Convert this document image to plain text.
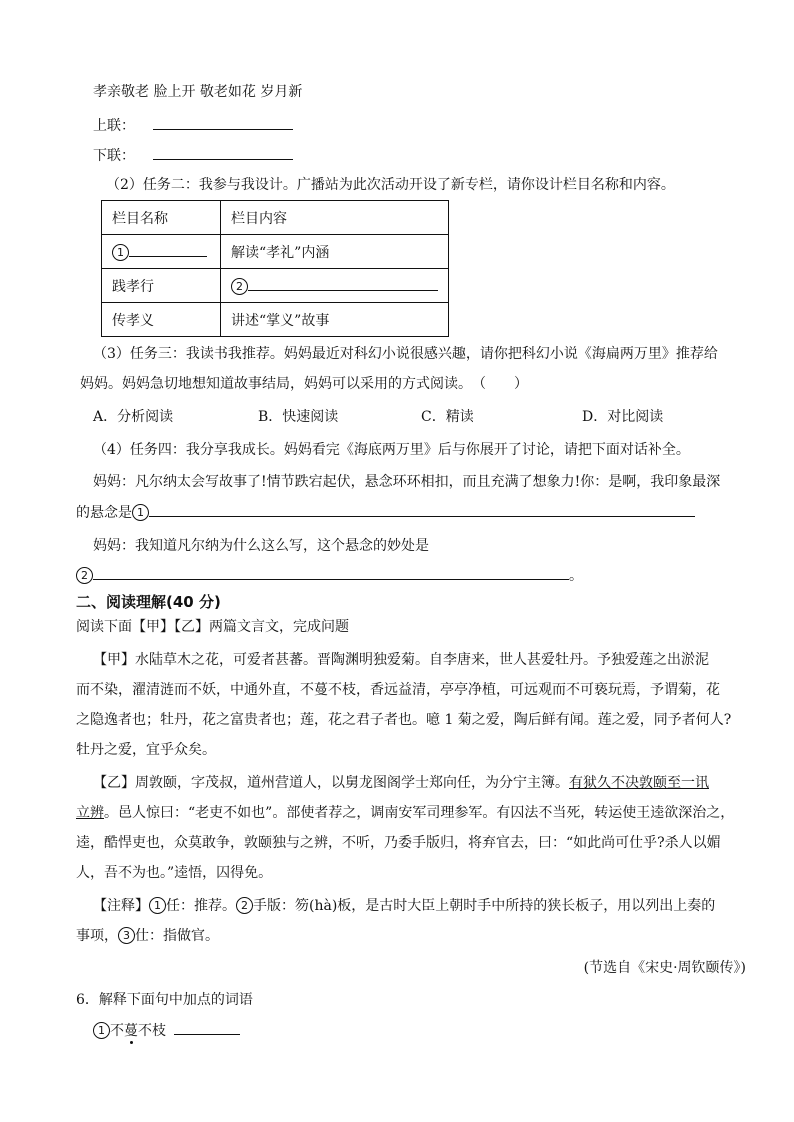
孝亲敬老 脸上开 敬老如花 岁月新
上联：
下联：
（2）任务二：我参与我设计。广播站为此次活动开设了新专栏，请你设计栏目名称和内容。
栏目名称	栏目内容
1	解读“孝礼”内涵
践孝行	2
传孝义	讲述“掌义”故事
（3）任务三：我读书我推荐。妈妈最近对科幻小说很感兴趣，请你把科幻小说《海扁两万里》推荐给
妈妈。妈妈急切地想知道故事结局，妈妈可以采用的方式阅读。　（　　）
A．分析阅读	B．快速阅读	C．精读	D．对比阅读
（4）任务四：我分享我成长。妈妈看完《海底两万里》后与你展开了讨论，请把下面对话补全。
妈妈：凡尔纳太会写故事了!情节跌宕起伏，悬念环环相扣，而且充满了想象力!你：是啊，我印象最深
的悬念是 1
妈妈：我知道凡尔纳为什么这么写，这个悬念的妙处是
2	。
二、阅读理解(40 分)
阅读下面【甲】【乙】两篇文言文，完成问题
【甲】水陆草木之花，可爱者甚蕃。晋陶渊明独爱菊。自李唐来，世人甚爱牡丹。予独爱莲之出淤泥
而不染，濯清涟而不妖，中通外直，不蔓不枝，香远益清，亭亭净植，可远观而不可亵玩焉，予谓菊，花
之隐逸者也；牡丹，花之富贵者也；莲，花之君子者也。噫 1 菊之爱，陶后鲜有闻。莲之爱，同予者何人?
牡丹之爱，宜乎众矣。
【乙】周敦颐，字茂叔，道州营道人，以舅龙图阁学士郑向任，为分宁主簿。有狱久不决敦颐至一讯
立辨。邑人惊曰：“老吏不如也”。部使者荐之，调南安军司理参军。有囚法不当死，转运使王逵欲深治之，
逵，酷悍吏也，众莫敢争，敦颐独与之辨，不听，乃委手版归，将弃官去，曰：“如此尚可仕乎?杀人以媚
人，吾不为也。”逵悟，囚得免。
【注释】 1 任：推荐。 2 手版：笏(hà)板，是古时大臣上朝时手中所持的狭长板子，用以列出上奏的
事项， 3 仕：指做官。
(节选自《宋史·周钦颐传》)
6．解释下面句中加点的词语
1 不蔓不枝
